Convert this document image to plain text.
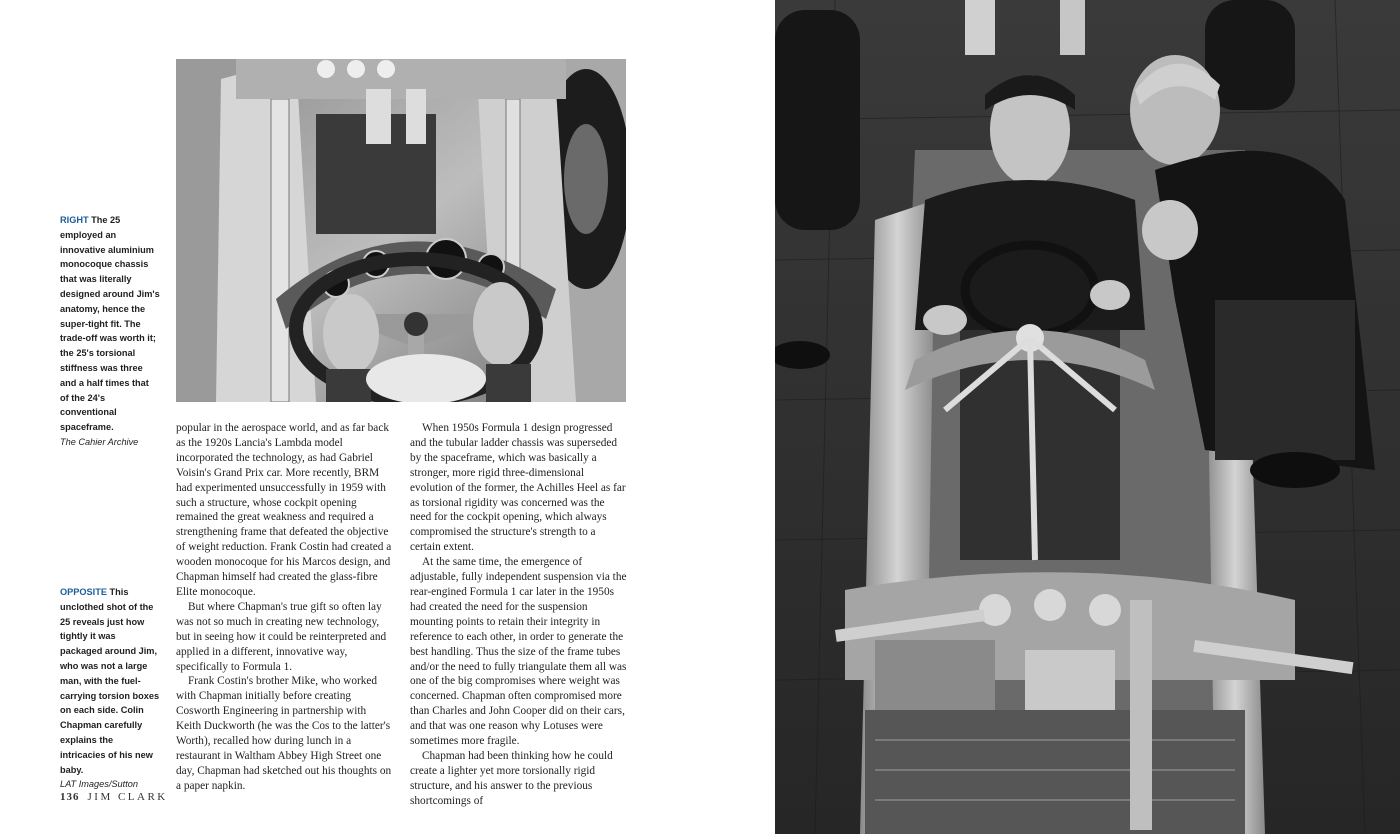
RIGHT The 25 employed an innovative aluminium monocoque chassis that was literally designed around Jim's anatomy, hence the super-tight fit. The trade-off was worth it; the 25's torsional stiffness was three and a half times that of the 24's conventional spaceframe.
The Cahier Archive
OPPOSITE This unclothed shot of the 25 reveals just how tightly it was packaged around Jim, who was not a large man, with the fuel-carrying torsion boxes on each side. Colin Chapman carefully explains the intricacies of his new baby.
LAT Images/Sutton

popular in the aerospace world, and as far back as the 1920s Lancia's Lambda model incorporated the technology, as had Gabriel Voisin's Grand Prix car. More recently, BRM had experimented unsuccessfully in 1959 with such a structure, whose cockpit opening remained the great weakness and required a strengthening frame that defeated the objective of weight reduction. Frank Costin had created a wooden monocoque for his Marcos design, and Chapman himself had created the glass-fibre Elite monocoque.

But where Chapman's true gift so often lay was not so much in creating new technology, but in seeing how it could be reinterpreted and applied in a different, innovative way, specifically to Formula 1.

Frank Costin's brother Mike, who worked with Chapman initially before creating Cosworth Engineering in partnership with Keith Duckworth (he was the Cos to the latter's Worth), recalled how during lunch in a restaurant in Waltham Abbey High Street one day, Chapman had sketched out his thoughts on a paper napkin.

When 1950s Formula 1 design progressed and the tubular ladder chassis was superseded by the spaceframe, which was basically a stronger, more rigid three-dimensional evolution of the former, the Achilles Heel as far as torsional rigidity was concerned was the need for the cockpit opening, which always compromised the structure's strength to a certain extent.

At the same time, the emergence of adjustable, fully independent suspension via the rear-engined Formula 1 car later in the 1950s had created the need for the suspension mounting points to retain their integrity in reference to each other, in order to generate the best handling. Thus the size of the frame tubes and/or the need to fully triangulate them all was one of the big compromises where weight was concerned. Chapman often compromised more than Charles and John Cooper did on their cars, and that was one reason why Lotuses were sometimes more fragile.

Chapman had been thinking how he could create a lighter yet more torsionally rigid structure, and his answer to the previous shortcomings of

136 JIM CLARK
